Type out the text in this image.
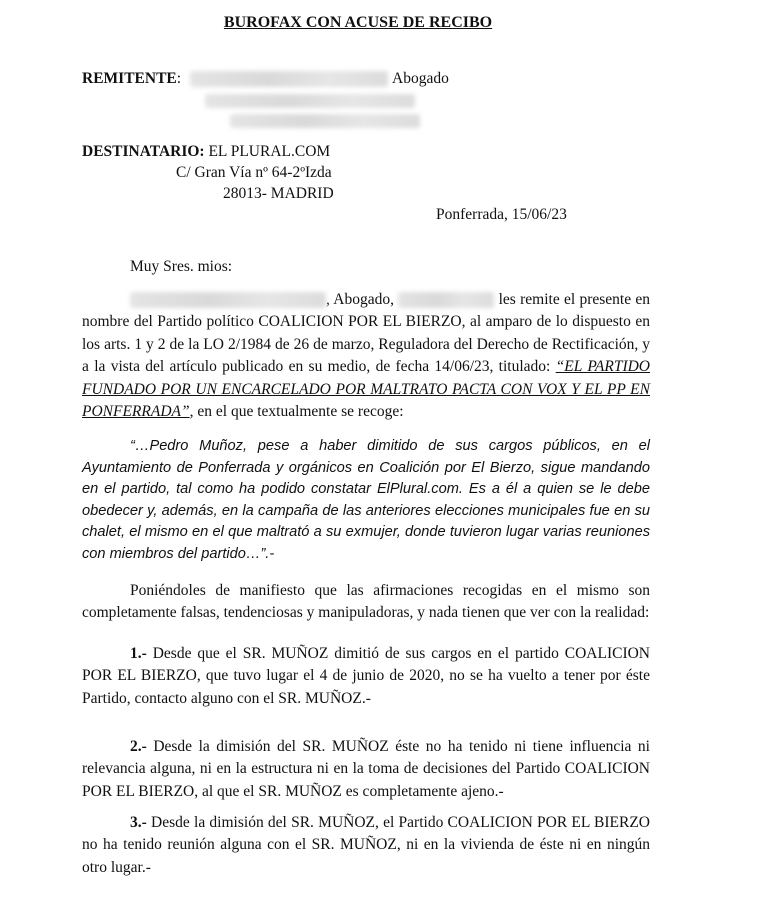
BUROFAX CON ACUSE DE RECIBO
REMITENTE:	Abogado
DESTINATARIO: EL PLURAL.COM
C/ Gran Vía nº 64-2ºIzda
28013- MADRID
Ponferrada, 15/06/23
Muy Sres. mios:
, Abogado,	les remite el presente en nombre del Partido político COALICION POR EL BIERZO, al amparo de lo dispuesto en los arts. 1 y 2 de la LO 2/1984 de 26 de marzo, Reguladora del Derecho de Rectificación, y a la vista del artículo publicado en su medio, de fecha 14/06/23, titulado: “EL PARTIDO FUNDADO POR UN ENCARCELADO POR MALTRATO PACTA CON VOX Y EL PP EN PONFERRADA”, en el que textualmente se recoge:
“…Pedro Muñoz, pese a haber dimitido de sus cargos públicos, en el Ayuntamiento de Ponferrada y orgánicos en Coalición por El Bierzo, sigue mandando en el partido, tal como ha podido constatar ElPlural.com. Es a él a quien se le debe obedecer y, además, en la campaña de las anteriores elecciones municipales fue en su chalet, el mismo en el que maltrató a su exmujer, donde tuvieron lugar varias reuniones con miembros del partido…”.-
Poniéndoles de manifiesto que las afirmaciones recogidas en el mismo son completamente falsas, tendenciosas y manipuladoras, y nada tienen que ver con la realidad:
1.- Desde que el SR. MUÑOZ dimitió de sus cargos en el partido COALICION POR EL BIERZO, que tuvo lugar el 4 de junio de 2020, no se ha vuelto a tener por éste Partido, contacto alguno con el SR. MUÑOZ.-
2.- Desde la dimisión del SR. MUÑOZ éste no ha tenido ni tiene influencia ni relevancia alguna, ni en la estructura ni en la toma de decisiones del Partido COALICION POR EL BIERZO, al que el SR. MUÑOZ es completamente ajeno.-
3.- Desde la dimisión del SR. MUÑOZ, el Partido COALICION POR EL BIERZO no ha tenido reunión alguna con el SR. MUÑOZ, ni en la vivienda de éste ni en ningún otro lugar.-
